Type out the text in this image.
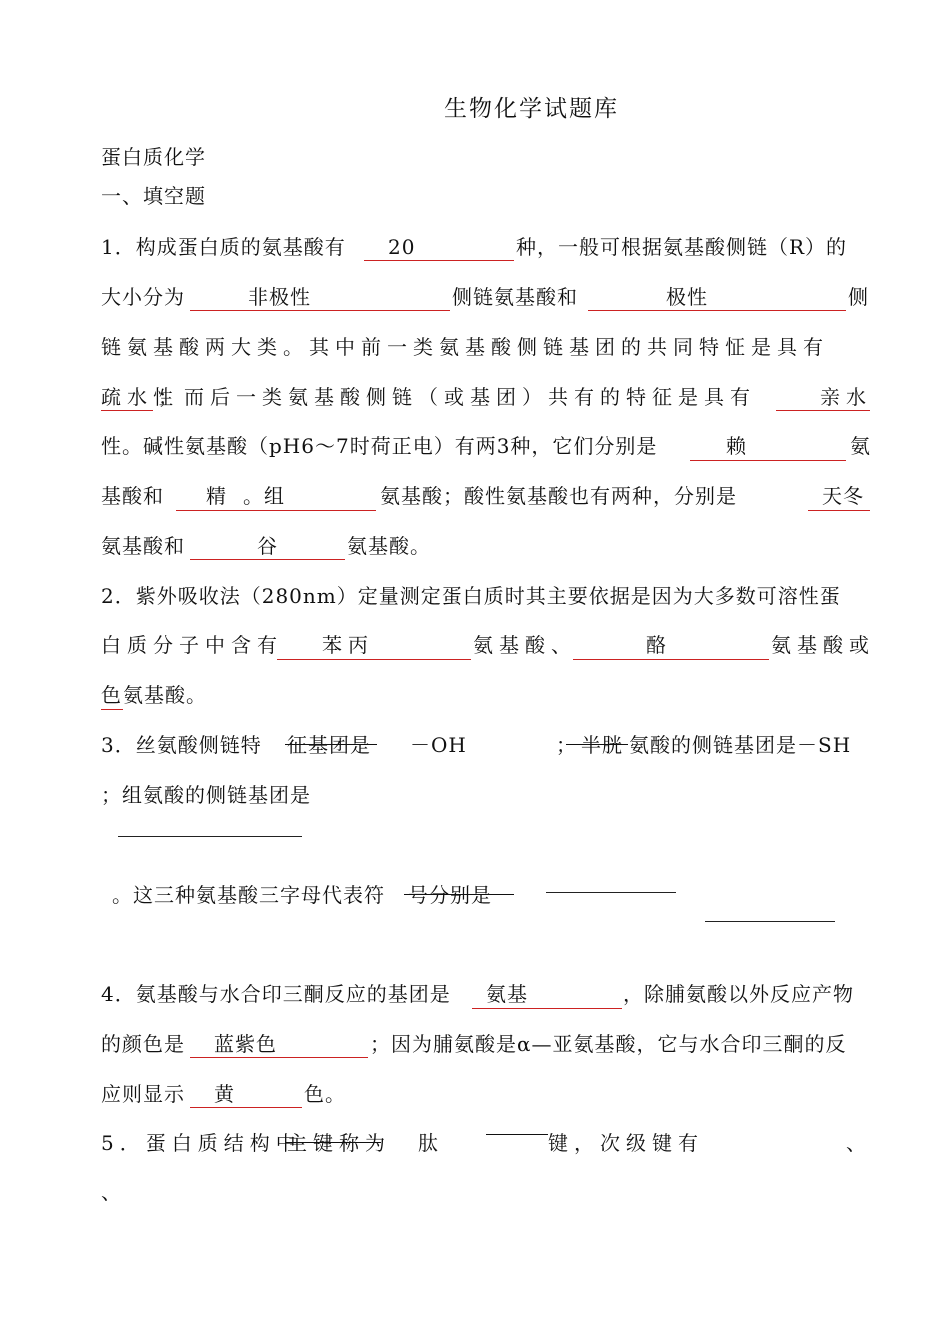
生物化学试题库
蛋白质化学
一、填空题
1．构成蛋白质的氨基酸有 20	种，一般可根据氨基酸侧链（R）的
大小分为	非极性	侧链氨基酸和	极性	侧
链氨基酸两大类。其中前一类氨基酸侧链基团的共同特怔是具有
疏水性
；而后一类氨基酸侧链（或基团）共有的特征是具有	亲水
性 。碱性氨基酸（pH6～7时荷正电）有两3种，它们分别是	赖	氨
基酸和 精 。组	氨基酸；酸性氨基酸也有两种，分别是	天冬
氨基酸和	谷	氨基酸。
2．紫外吸收法（280nm）定量测定蛋白质时其主要依据是因为大多数可溶性蛋
白质分子中含有 苯丙	氨基酸、	酪	氨基酸或
色 氨基酸。
3．丝氨酸侧链特 征基团是 －OH	； 半胱 氨酸的侧链基团是－SH
；组氨酸的侧链基团是
。这三种氨基酸三字母代表符 号分别是
4．氨基酸与水合印三酮反应的基团是 氨基	，除脯氨酸以外反应产物
的颜色是 蓝紫色	；因为脯氨酸是α—亚氨基酸，它与水合印三酮的反
应则显示 黄	色。
5．蛋白质结构中
主键称为 肽	键，次级键有	、
、
